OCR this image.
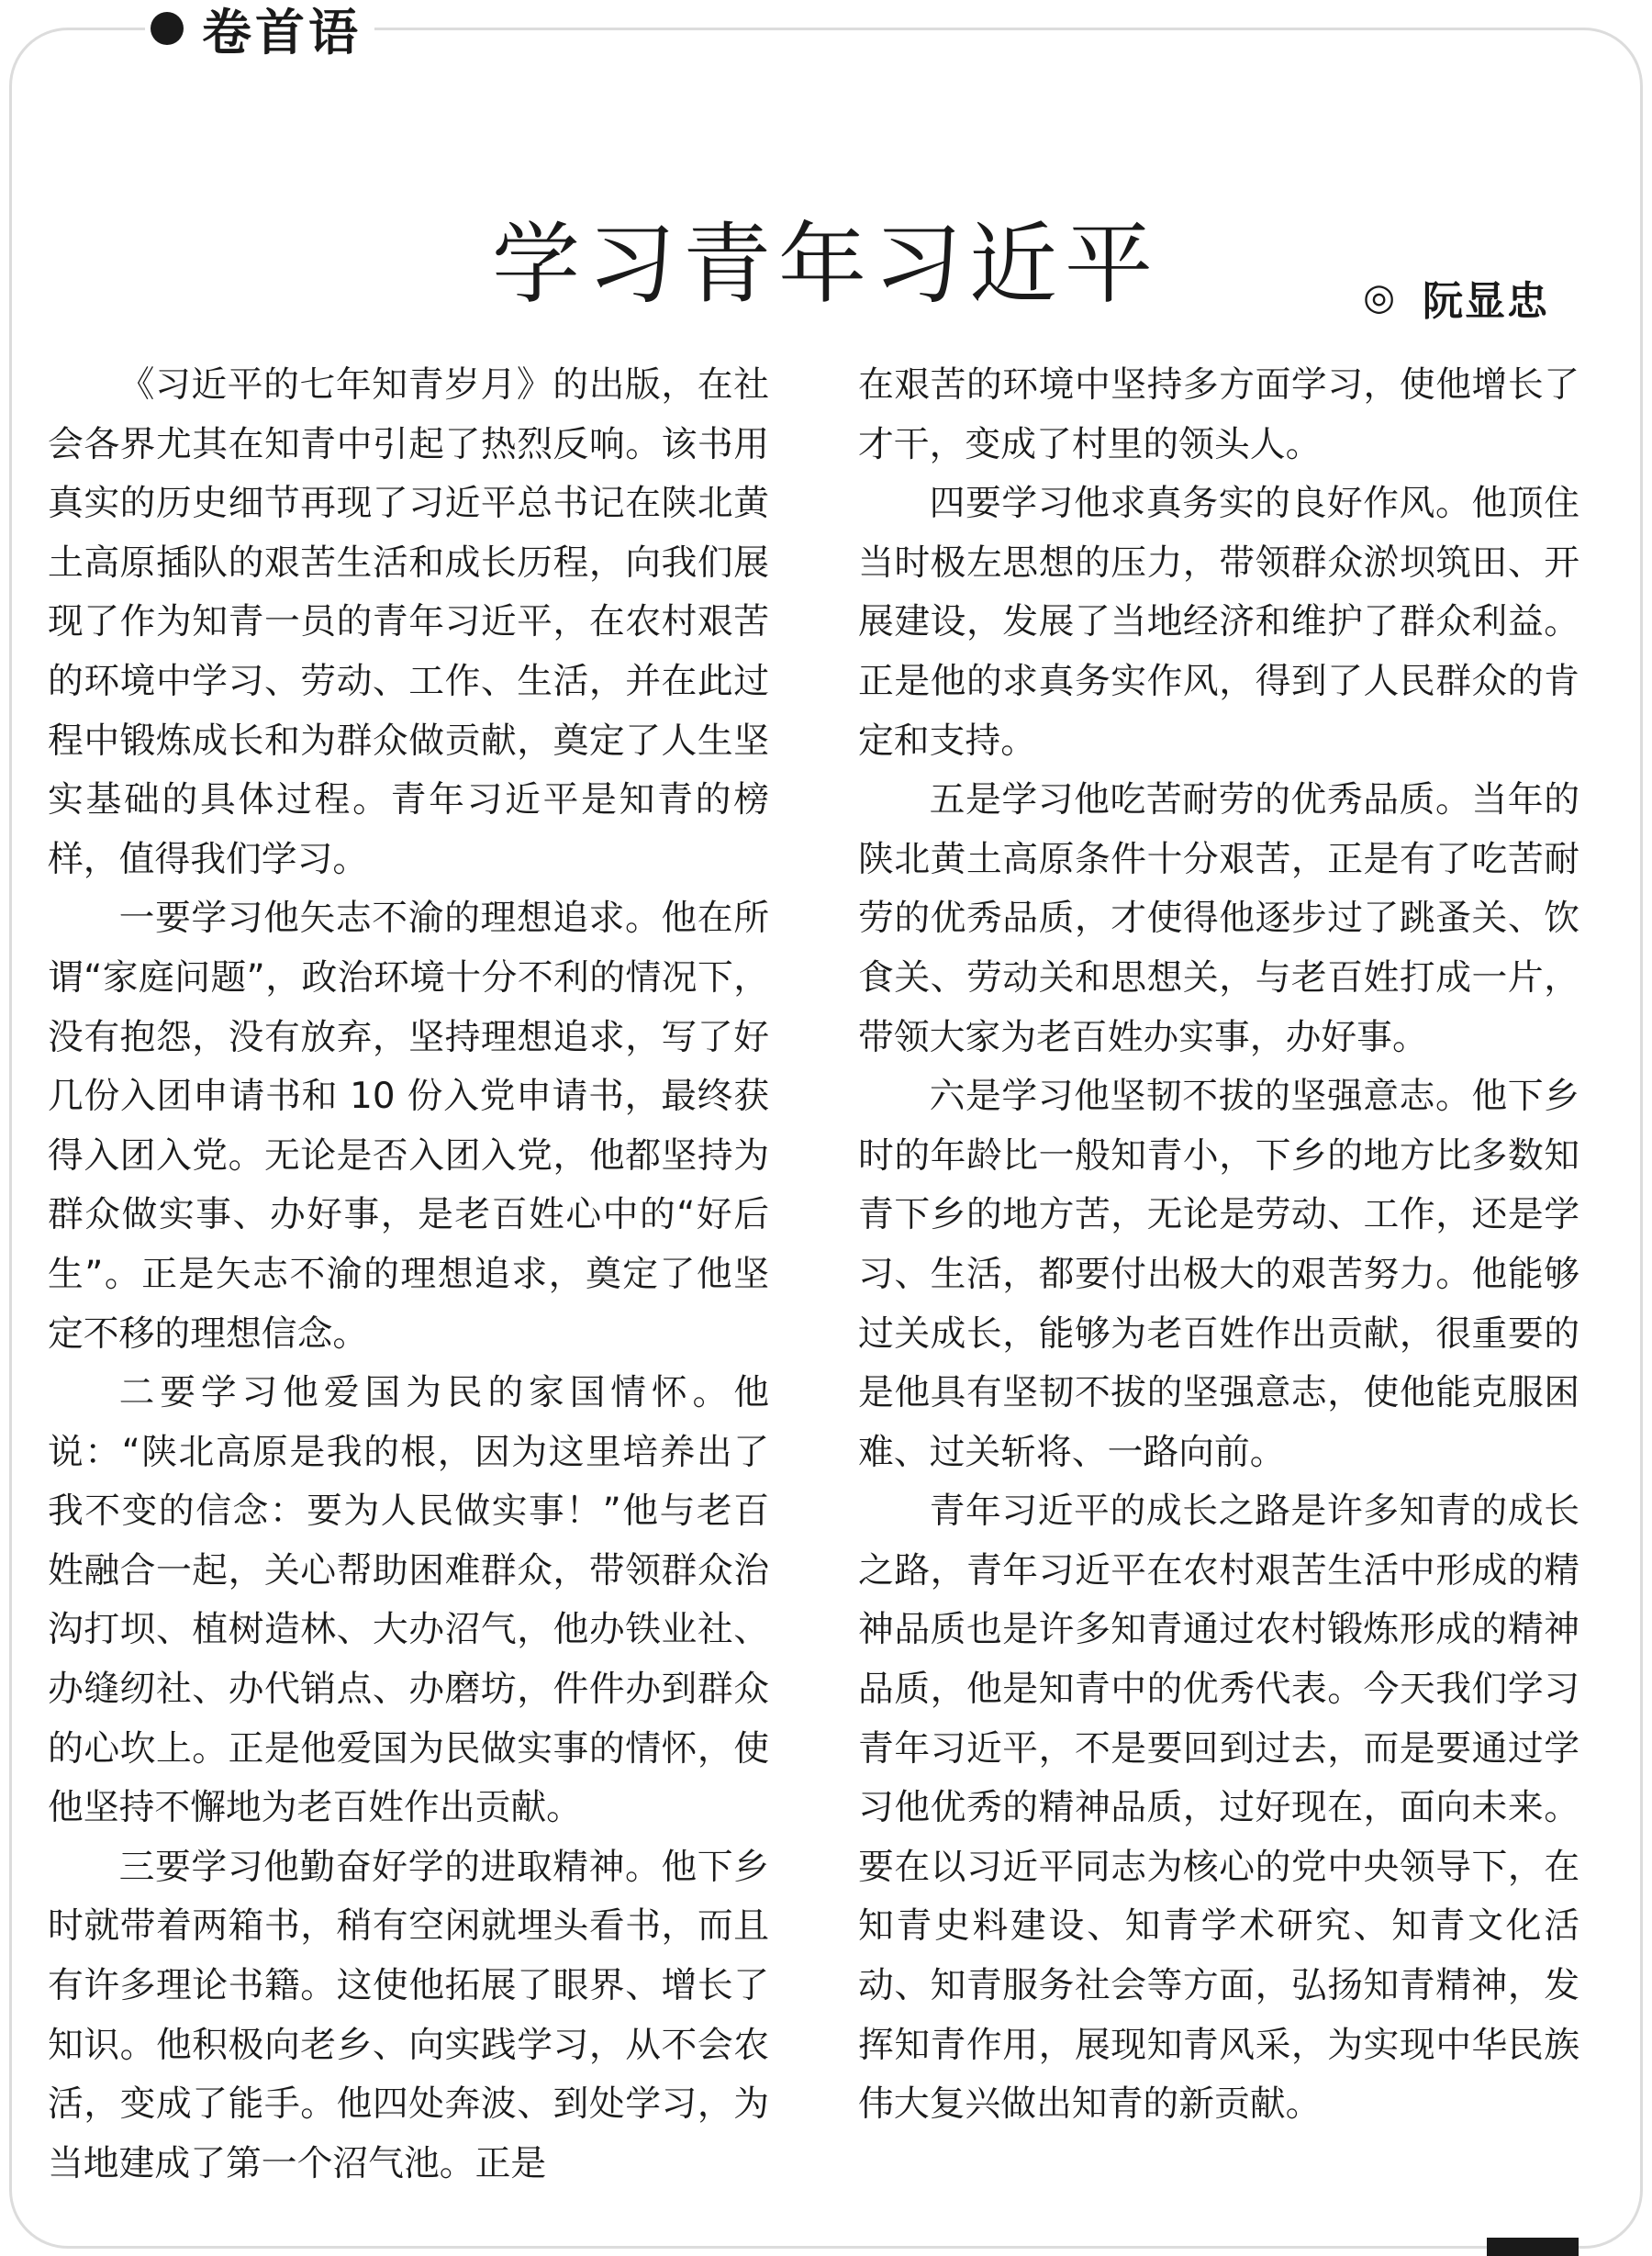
卷首语
学习青年习近平	◎ 阮显忠

《习近平的七年知青岁月》的出版，在社会各界尤其在知青中引起了热烈反响。该书用真实的历史细节再现了习近平总书记在陕北黄土高原插队的艰苦生活和成长历程，向我们展现了作为知青一员的青年习近平，在农村艰苦的环境中学习、劳动、工作、生活，并在此过程中锻炼成长和为群众做贡献，奠定了人生坚实基础的具体过程。青年习近平是知青的榜样，值得我们学习。

一要学习他矢志不渝的理想追求。他在所谓“家庭问题”，政治环境十分不利的情况下，没有抱怨，没有放弃，坚持理想追求，写了好几份入团申请书和 10 份入党申请书，最终获得入团入党。无论是否入团入党，他都坚持为群众做实事、办好事，是老百姓心中的“好后生”。正是矢志不渝的理想追求，奠定了他坚定不移的理想信念。

二要学习他爱国为民的家国情怀。他说：“陕北高原是我的根，因为这里培养出了我不变的信念：要为人民做实事！”他与老百姓融合一起，关心帮助困难群众，带领群众治沟打坝、植树造林、大办沼气，他办铁业社、办缝纫社、办代销点、办磨坊，件件办到群众的心坎上。正是他爱国为民做实事的情怀，使他坚持不懈地为老百姓作出贡献。

三要学习他勤奋好学的进取精神。他下乡时就带着两箱书，稍有空闲就埋头看书，而且有许多理论书籍。这使他拓展了眼界、增长了知识。他积极向老乡、向实践学习，从不会农活，变成了能手。他四处奔波、到处学习，为当地建成了第一个沼气池。正是

在艰苦的环境中坚持多方面学习，使他增长了才干，变成了村里的领头人。

四要学习他求真务实的良好作风。他顶住当时极左思想的压力，带领群众淤坝筑田、开展建设，发展了当地经济和维护了群众利益。正是他的求真务实作风，得到了人民群众的肯定和支持。

五是学习他吃苦耐劳的优秀品质。当年的陕北黄土高原条件十分艰苦，正是有了吃苦耐劳的优秀品质，才使得他逐步过了跳蚤关、饮食关、劳动关和思想关，与老百姓打成一片，带领大家为老百姓办实事，办好事。

六是学习他坚韧不拔的坚强意志。他下乡时的年龄比一般知青小，下乡的地方比多数知青下乡的地方苦，无论是劳动、工作，还是学习、生活，都要付出极大的艰苦努力。他能够过关成长，能够为老百姓作出贡献，很重要的是他具有坚韧不拔的坚强意志，使他能克服困难、过关斩将、一路向前。

青年习近平的成长之路是许多知青的成长之路，青年习近平在农村艰苦生活中形成的精神品质也是许多知青通过农村锻炼形成的精神品质，他是知青中的优秀代表。今天我们学习青年习近平，不是要回到过去，而是要通过学习他优秀的精神品质，过好现在，面向未来。要在以习近平同志为核心的党中央领导下，在知青史料建设、知青学术研究、知青文化活动、知青服务社会等方面，弘扬知青精神，发挥知青作用，展现知青风采，为实现中华民族伟大复兴做出知青的新贡献。
